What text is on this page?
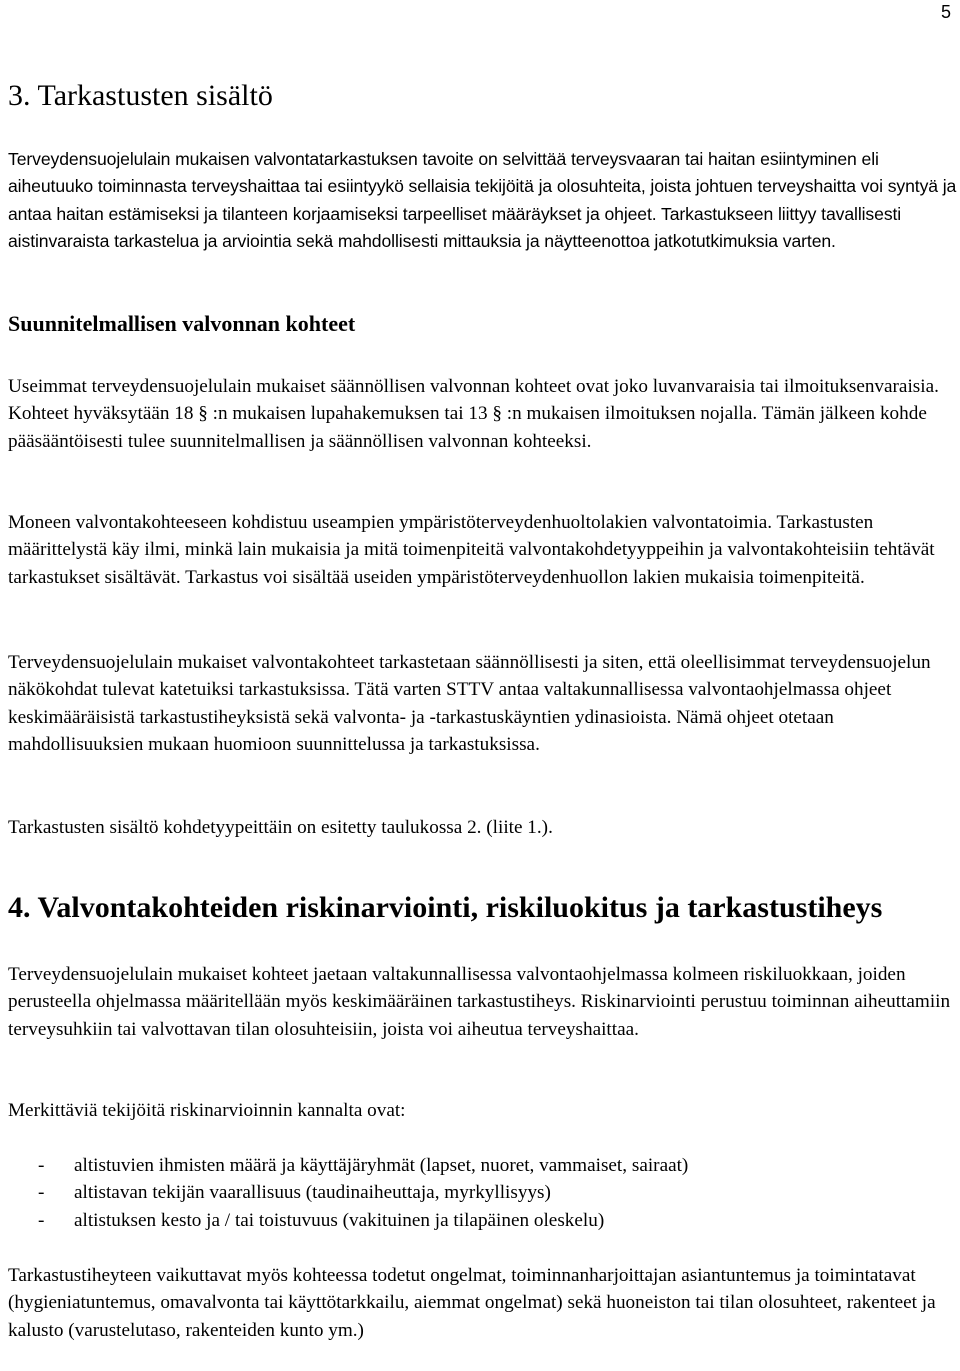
5
3. Tarkastusten sisältö

Terveydensuojelulain mukaisen valvontatarkastuksen tavoite on selvittää terveysvaaran tai haitan esiintyminen eli aiheutuuko toiminnasta terveyshaittaa tai esiintyykö sellaisia tekijöitä ja olosuhteita, joista johtuen terveyshaitta voi syntyä ja antaa haitan estämiseksi ja tilanteen korjaamiseksi tarpeelliset määräykset ja ohjeet. Tarkastukseen liittyy tavallisesti aistinvaraista tarkastelua ja arviointia sekä mahdollisesti mittauksia ja näytteenottoa jatkotutkimuksia varten.

Suunnitelmallisen valvonnan kohteet

Useimmat terveydensuojelulain mukaiset säännöllisen valvonnan kohteet ovat joko luvanvaraisia tai ilmoituksenvaraisia. Kohteet hyväksytään 18 § :n mukaisen lupahakemuksen tai 13 § :n mukaisen ilmoituksen nojalla. Tämän jälkeen kohde pääsääntöisesti tulee suunnitelmallisen ja säännöllisen valvonnan kohteeksi.

Moneen valvontakohteeseen kohdistuu useampien ympäristöterveydenhuoltolakien valvontatoimia. Tarkastusten määrittelystä käy ilmi, minkä lain mukaisia ja mitä toimenpiteitä valvontakohdetyyppeihin ja valvontakohteisiin tehtävät tarkastukset sisältävät. Tarkastus voi sisältää useiden ympäristöterveydenhuollon lakien mukaisia toimenpiteitä.

Terveydensuojelulain mukaiset valvontakohteet tarkastetaan säännöllisesti ja siten, että oleellisimmat terveydensuojelun näkökohdat tulevat katetuiksi tarkastuksissa. Tätä varten STTV antaa valtakunnallisessa valvontaohjelmassa ohjeet keskimääräisistä tarkastustiheyksistä sekä valvonta- ja -tarkastuskäyntien ydinasioista. Nämä ohjeet otetaan mahdollisuuksien mukaan huomioon suunnittelussa ja tarkastuksissa.

Tarkastusten sisältö kohdetyypeittäin on esitetty taulukossa 2. (liite 1.).

4. Valvontakohteiden riskinarviointi, riskiluokitus ja tarkastustiheys

Terveydensuojelulain mukaiset kohteet jaetaan valtakunnallisessa valvontaohjelmassa kolmeen riskiluokkaan, joiden perusteella ohjelmassa määritellään myös keskimääräinen tarkastustiheys. Riskinarviointi perustuu toiminnan aiheuttamiin terveysuhkiin tai valvottavan tilan olosuhteisiin, joista voi aiheutua terveyshaittaa.

Merkittäviä tekijöitä riskinarvioinnin kannalta ovat:

- altistuvien ihmisten määrä ja käyttäjäryhmät (lapset, nuoret, vammaiset, sairaat)
- altistavan tekijän vaarallisuus (taudinaiheuttaja, myrkyllisyys)
- altistuksen kesto ja / tai toistuvuus (vakituinen ja tilapäinen oleskelu)

Tarkastustiheyteen vaikuttavat myös kohteessa todetut ongelmat, toiminnanharjoittajan asiantuntemus ja toimintatavat (hygieniatuntemus, omavalvonta tai käyttötarkkailu, aiemmat ongelmat) sekä huoneiston tai tilan olosuhteet, rakenteet ja kalusto (varustelutaso, rakenteiden kunto ym.)
